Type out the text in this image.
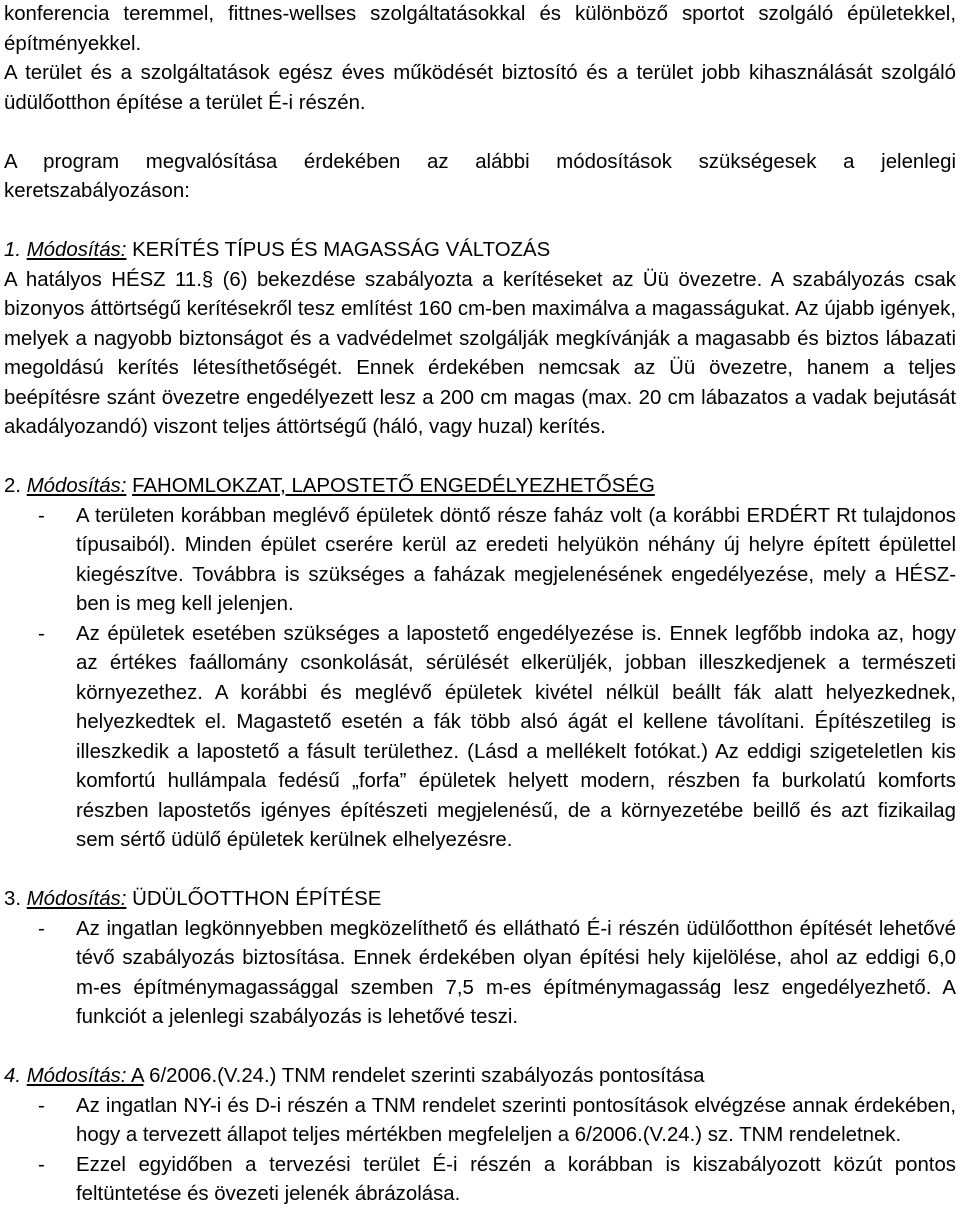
konferencia teremmel, fittnes-wellses szolgáltatásokkal és különböző sportot szolgáló épületekkel, építményekkel.

A terület és a szolgáltatások egész éves működését biztosító és a terület jobb kihasználását szolgáló üdülőotthon építése a terület É-i részén.

A program megvalósítása érdekében az alábbi módosítások szükségesek a jelenlegi keretszabályozáson:

1. Módosítás: KERÍTÉS TÍPUS ÉS MAGASSÁG VÁLTOZÁS

A hatályos HÉSZ 11.§ (6) bekezdése szabályozta a kerítéseket az Üü övezetre. A szabályozás csak bizonyos áttörtségű kerítésekről tesz említést 160 cm-ben maximálva a magasságukat. Az újabb igények, melyek a nagyobb biztonságot és a vadvédelmet szolgálják megkívánják a magasabb és biztos lábazati megoldású kerítés létesíthetőségét. Ennek érdekében nemcsak az Üü övezetre, hanem a teljes beépítésre szánt övezetre engedélyezett lesz a 200 cm magas (max. 20 cm lábazatos a vadak bejutását akadályozandó) viszont teljes áttörtségű (háló, vagy huzal) kerítés.

2. Módosítás: FAHOMLOKZAT, LAPOSTETŐ ENGEDÉLYEZHETŐSÉG
-	A területen korábban meglévő épületek döntő része faház volt (a korábbi ERDÉRT Rt tulajdonos típusaiból). Minden épület cserére kerül az eredeti helyükön néhány új helyre épített épülettel kiegészítve. Továbbra is szükséges a faházak megjelenésének engedélyezése, mely a HÉSZ-ben is meg kell jelenjen.
-	Az épületek esetében szükséges a lapostető engedélyezése is. Ennek legfőbb indoka az, hogy az értékes faállomány csonkolását, sérülését elkerüljék, jobban illeszkedjenek a természeti környezethez. A korábbi és meglévő épületek kivétel nélkül beállt fák alatt helyezkednek, helyezkedtek el. Magastető esetén a fák több alsó ágát el kellene távolítani. Építészetileg is illeszkedik a lapostető a fásult területhez. (Lásd a mellékelt fotókat.) Az eddigi szigeteletlen kis komfortú hullámpala fedésű „forfa” épületek helyett modern, részben fa burkolatú komforts részben lapostetős igényes építészeti megjelenésű, de a környezetébe beillő és azt fizikailag sem sértő üdülő épületek kerülnek elhelyezésre.
3. Módosítás: ÜDÜLŐOTTHON ÉPÍTÉSE
-	Az ingatlan legkönnyebben megközelíthető és ellátható É-i részén üdülőotthon építését lehetővé tévő szabályozás biztosítása. Ennek érdekében olyan építési hely kijelölése, ahol az eddigi 6,0 m-es építménymagassággal szemben 7,5 m-es építménymagasság lesz engedélyezhető. A funkciót a jelenlegi szabályozás is lehetővé teszi.
4. Módosítás: A 6/2006.(V.24.) TNM rendelet szerinti szabályozás pontosítása
-	Az ingatlan NY-i és D-i részén a TNM rendelet szerinti pontosítások elvégzése annak érdekében, hogy a tervezett állapot teljes mértékben megfeleljen a 6/2006.(V.24.) sz. TNM rendeletnek.
-	Ezzel egyidőben a tervezési terület É-i részén a korábban is kiszabályozott közút pontos feltüntetése és övezeti jelenék ábrázolása.
